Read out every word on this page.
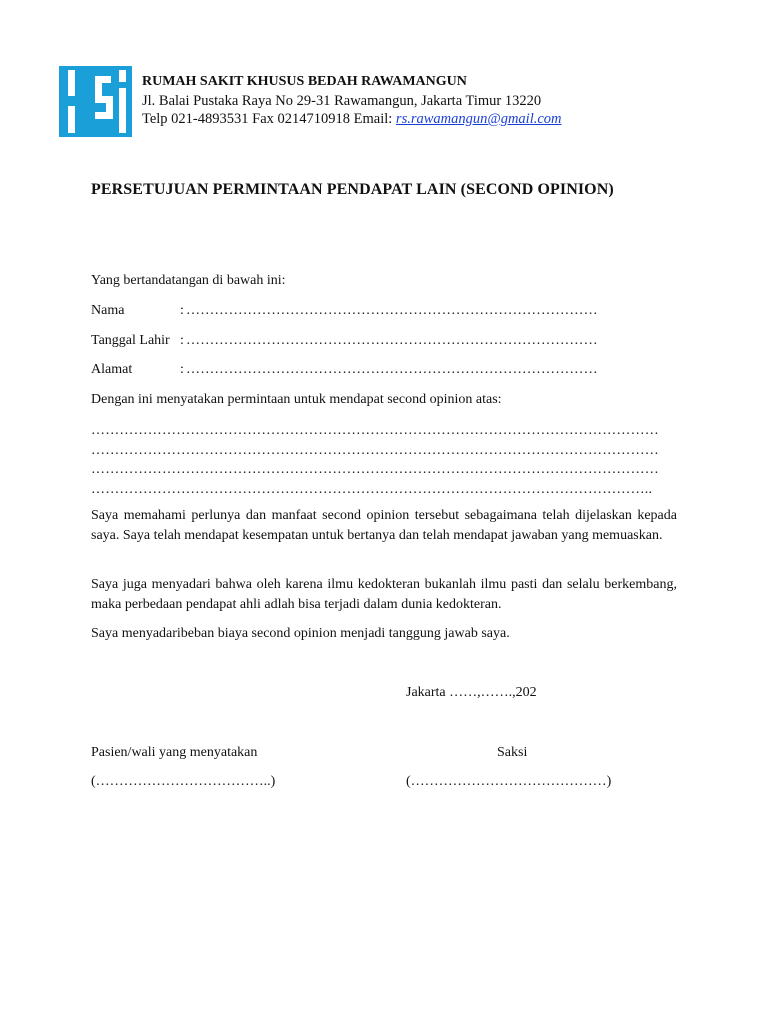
RUMAH SAKIT KHUSUS BEDAH RAWAMANGUN
Jl. Balai Pustaka Raya No 29-31 Rawamangun, Jakarta Timur 13220
Telp 021-4893531 Fax 0214710918 Email: rs.rawamangun@gmail.com
PERSETUJUAN PERMINTAAN PENDAPAT LAIN (SECOND OPINION)
Yang bertandatangan di bawah ini:
Nama	: ……………………………………………………………………………
Tanggal Lahir : ……………………………………………………………………………
Alamat	: ……………………………………………………………………………
Dengan ini menyatakan permintaan untuk mendapat second opinion atas:
…………………………………………………………………………………………………………
…………………………………………………………………………………………………………
…………………………………………………………………………………………………………
………………………………………………………………………………………………………..

Saya memahami perlunya dan manfaat second opinion tersebut sebagaimana telah dijelaskan kepada saya. Saya telah mendapat kesempatan untuk bertanya dan telah mendapat jawaban yang memuaskan.

Saya juga menyadari bahwa oleh karena ilmu kedokteran bukanlah ilmu pasti dan selalu berkembang, maka perbedaan pendapat ahli adlah bisa terjadi dalam dunia kedokteran.

Saya menyadaribeban biaya second opinion menjadi tanggung jawab saya.

Jakarta ……,…….,202
Pasien/wali yang menyatakan	Saksi
(………………………………..)	(……………………………………)
